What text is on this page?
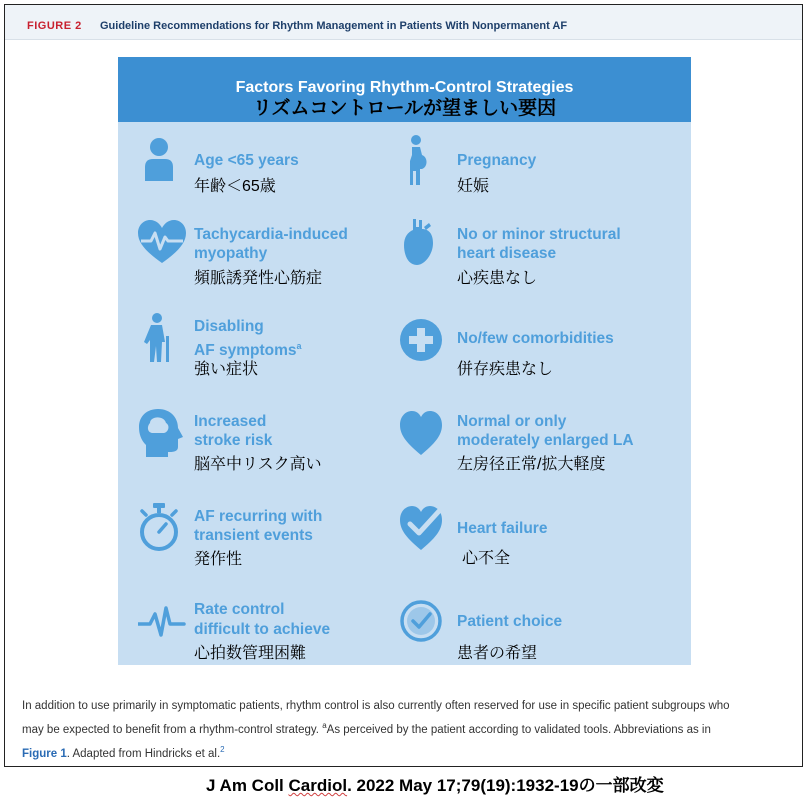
FIGURE 2 Guideline Recommendations for Rhythm Management in Patients With Nonpermanent AF
Factors Favoring Rhythm-Control Strategies
リズムコントロールが望ましい要因
Age <65 years
年齢＜65歳
Tachycardia-induced
myopathy
頻脈誘発性心筋症
Disabling
AF symptoms$^a$
強い症状
Increased
stroke risk
脳卒中リスク高い
AF recurring with
transient events
発作性
Rate control
difficult to achieve
心拍数管理困難
Pregnancy
妊娠
No or minor structural
heart disease
心疾患なし
No/few comorbidities
併存疾患なし
Normal or only
moderately enlarged LA
左房径正常/拡大軽度
Heart failure
心不全
Patient choice
患者の希望
In addition to use primarily in symptomatic patients, rhythm control is also currently often reserved for use in specific patient subgroups who
may be expected to benefit from a rhythm-control strategy. $^a$As perceived by the patient according to validated tools. Abbreviations as in
Figure 1. Adapted from Hindricks et al.$^2$
J Am Coll Cardiol. 2022 May 17;79(19):1932-19の一部改変
